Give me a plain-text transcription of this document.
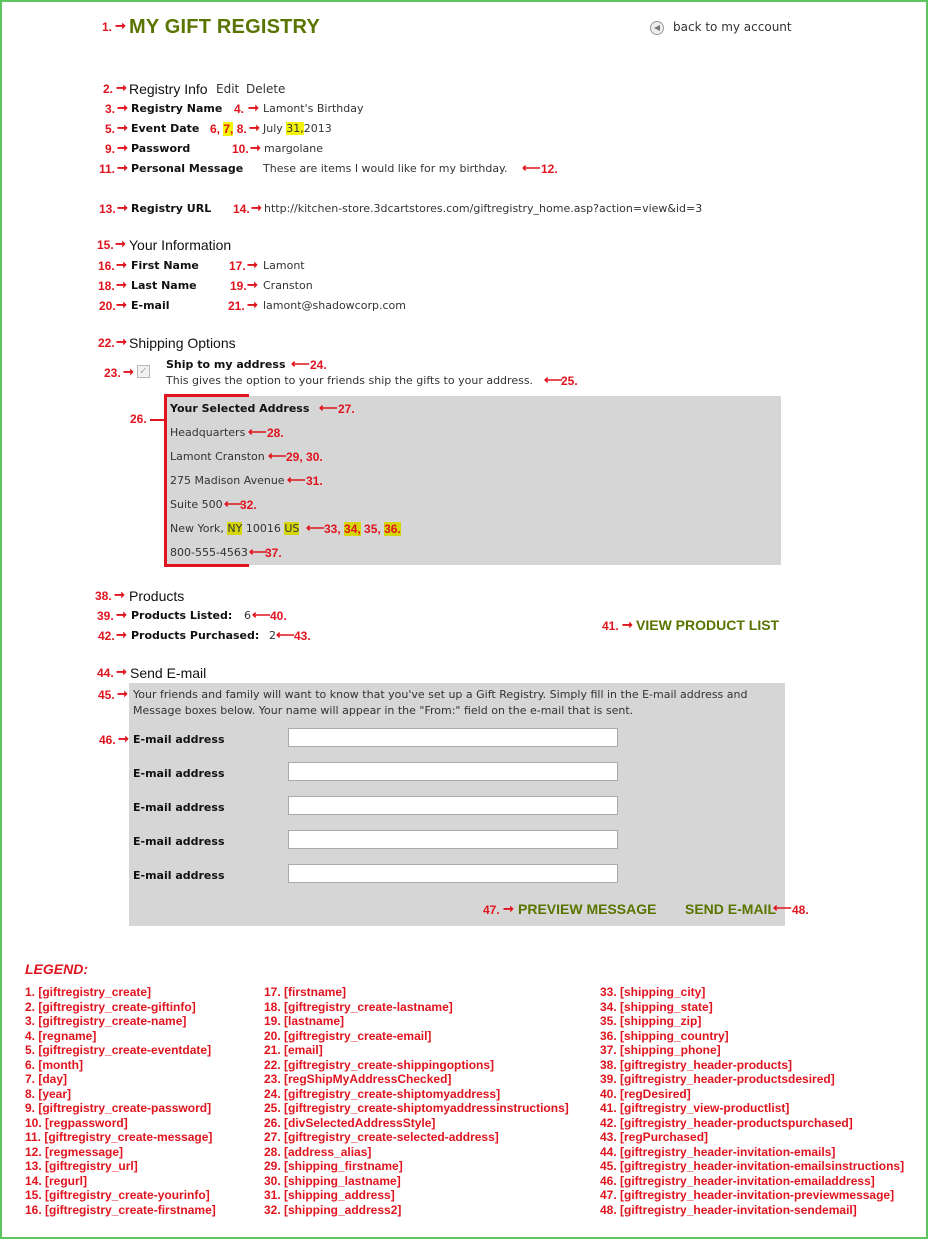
1. ➞ MY GIFT REGISTRY	back to my account
2. ➞ Registry Info Edit Delete
3. ➞ Registry Name 4. ➞ Lamont's Birthday
5. ➞ Event Date 6, 7, 8. ➞ July 31,2013
9. ➞ Password	10. ➞ margolane
11. ➞ Personal Message These are items I would like for my birthday. ⟵ 12.
13. ➞ Registry URL 14. ➞ http://kitchen-store.3dcartstores.com/giftregistry_home.asp?action=view&id=3
15. ➞ Your Information
16. ➞ First Name	17. ➞ Lamont
18. ➞ Last Name	19. ➞ Cranston
20. ➞ E-mail	21. ➞ lamont@shadowcorp.com
22. ➞ Shipping Options
23. ➞ ✓
Ship to my address ⟵ 24.
This gives the option to your friends ship the gifts to your address. ⟵
25.
26.
Your Selected Address ⟵ 27.
Headquarters ⟵ 28.
Lamont Cranston ⟵ 29, 30.
275 Madison Avenue ⟵ 31.
Suite 500 ⟵
32.
New York, NY 10016 US ⟵ 33, 34, 35, 36.
800-555-4563 ⟵
37.
38. ➞ Products
39. ➞ Products Listed: 6 ⟵ 40.
42. ➞ Products Purchased: 2 ⟵ 43.
41. ➞ VIEW PRODUCT LIST
44. ➞ Send E-mail
45. ➞ Your friends and family will want to know that you've set up a Gift Registry. Simply fill in the E-mail address and Message boxes below. Your name will appear in the "From:" field on the e-mail that is sent.
46. ➞ E-mail address
E-mail address
E-mail address
E-mail address
E-mail address
47. ➞ PREVIEW MESSAGE SEND E-MAIL
⟵ 48.
LEGEND:
1. [giftregistry_create]
2. [giftregistry_create-giftinfo]
3. [giftregistry_create-name]
4. [regname]
5. [giftregistry_create-eventdate]
6. [month]
7. [day]
8. [year]
9. [giftregistry_create-password]
10. [regpassword]
11. [giftregistry_create-message]
12. [regmessage]
13. [giftregistry_url]
14. [regurl]
15. [giftregistry_create-yourinfo]
16. [giftregistry_create-firstname]
17. [firstname]
18. [giftregistry_create-lastname]
19. [lastname]
20. [giftregistry_create-email]
21. [email]
22. [giftregistry_create-shippingoptions]
23. [regShipMyAddressChecked]
24. [giftregistry_create-shiptomyaddress]
25. [giftregistry_create-shiptomyaddressinstructions]
26. [divSelectedAddressStyle]
27. [giftregistry_create-selected-address]
28. [address_alias]
29. [shipping_firstname]
30. [shipping_lastname]
31. [shipping_address]
32. [shipping_address2]
33. [shipping_city]
34. [shipping_state]
35. [shipping_zip]
36. [shipping_country]
37. [shipping_phone]
38. [giftregistry_header-products]
39. [giftregistry_header-productsdesired]
40. [regDesired]
41. [giftregistry_view-productlist]
42. [giftregistry_header-productspurchased]
43. [regPurchased]
44. [giftregistry_header-invitation-emails]
45. [giftregistry_header-invitation-emailsinstructions]
46. [giftregistry_header-invitation-emailaddress]
47. [giftregistry_header-invitation-previewmessage]
48. [giftregistry_header-invitation-sendemail]
